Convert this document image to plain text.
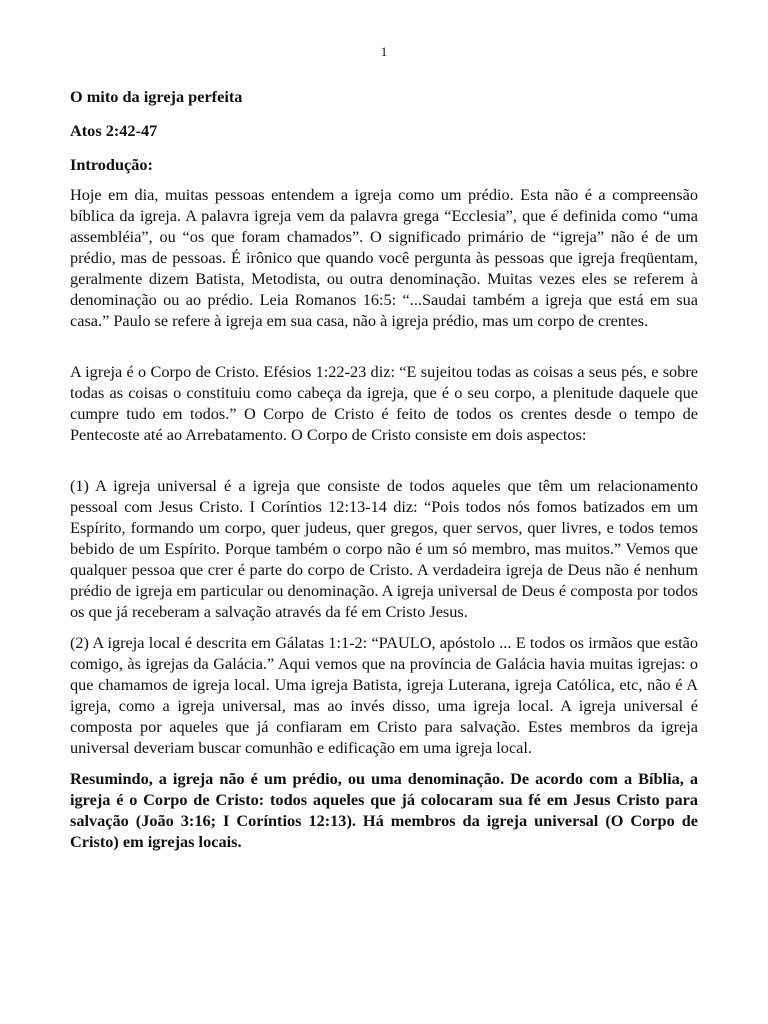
1

O mito da igreja perfeita

Atos 2:42-47

Introdução:

Hoje em dia, muitas pessoas entendem a igreja como um prédio. Esta não é a compreensão bíblica da igreja. A palavra igreja vem da palavra grega “Ecclesia”, que é definida como “uma assembléia”, ou “os que foram chamados”. O significado primário de “igreja” não é de um prédio, mas de pessoas. É irônico que quando você pergunta às pessoas que igreja freqüentam, geralmente dizem Batista, Metodista, ou outra denominação. Muitas vezes eles se referem à denominação ou ao prédio. Leia Romanos 16:5: “...Saudai também a igreja que está em sua casa.” Paulo se refere à igreja em sua casa, não à igreja prédio, mas um corpo de crentes.

A igreja é o Corpo de Cristo. Efésios 1:22-23 diz: “E sujeitou todas as coisas a seus pés, e sobre todas as coisas o constituiu como cabeça da igreja, que é o seu corpo, a plenitude daquele que cumpre tudo em todos.” O Corpo de Cristo é feito de todos os crentes desde o tempo de Pentecoste até ao Arrebatamento. O Corpo de Cristo consiste em dois aspectos:

(1) A igreja universal é a igreja que consiste de todos aqueles que têm um relacionamento pessoal com Jesus Cristo. I Coríntios 12:13-14 diz: “Pois todos nós fomos batizados em um Espírito, formando um corpo, quer judeus, quer gregos, quer servos, quer livres, e todos temos bebido de um Espírito. Porque também o corpo não é um só membro, mas muitos.” Vemos que qualquer pessoa que crer é parte do corpo de Cristo. A verdadeira igreja de Deus não é nenhum prédio de igreja em particular ou denominação. A igreja universal de Deus é composta por todos os que já receberam a salvação através da fé em Cristo Jesus.

(2) A igreja local é descrita em Gálatas 1:1-2: “PAULO, apóstolo ... E todos os irmãos que estão comigo, às igrejas da Galácia.” Aqui vemos que na província de Galácia havia muitas igrejas: o que chamamos de igreja local. Uma igreja Batista, igreja Luterana, igreja Católica, etc, não é A igreja, como a igreja universal, mas ao invés disso, uma igreja local. A igreja universal é composta por aqueles que já confiaram em Cristo para salvação. Estes membros da igreja universal deveriam buscar comunhão e edificação em uma igreja local.

Resumindo, a igreja não é um prédio, ou uma denominação. De acordo com a Bíblia, a igreja é o Corpo de Cristo: todos aqueles que já colocaram sua fé em Jesus Cristo para salvação (João 3:16; I Coríntios 12:13). Há membros da igreja universal (O Corpo de Cristo) em igrejas locais.
